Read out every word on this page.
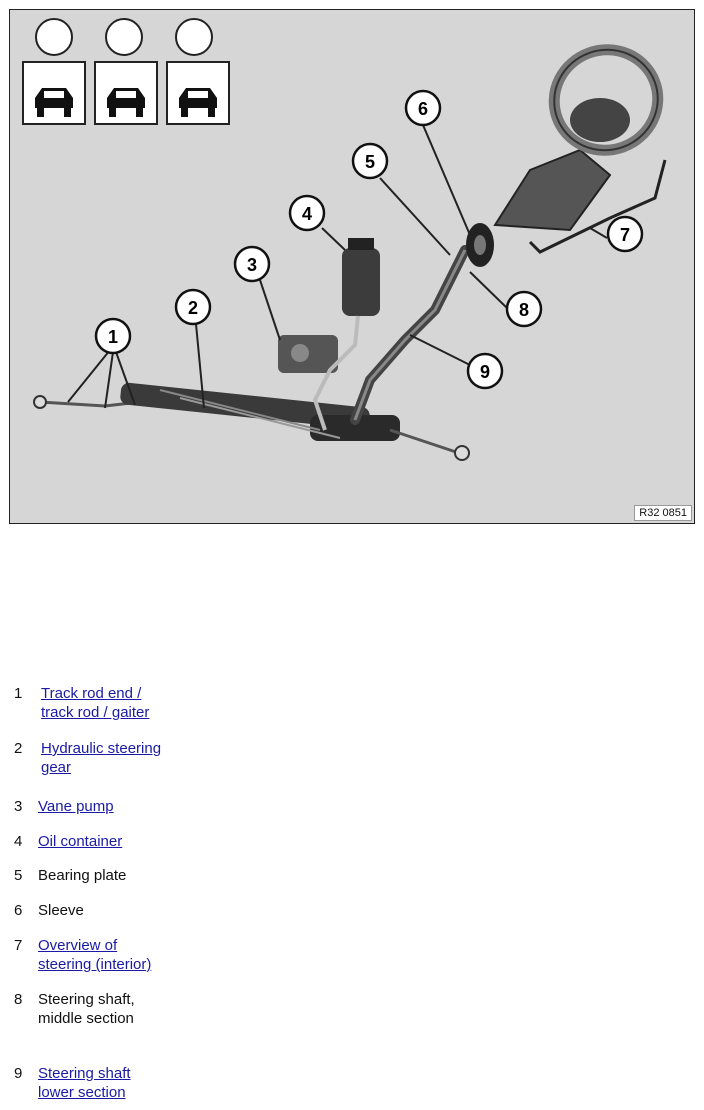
1
2
3
4
5
6
7
8
9
R32 0851
1	Track rod end /
track rod / gaiter
2	Hydraulic steering
gear
3	Vane pump
4	Oil container
5	Bearing plate
6	Sleeve
7	Overview of
steering (interior)
8	Steering shaft,
middle section
9	Steering shaft
lower section
